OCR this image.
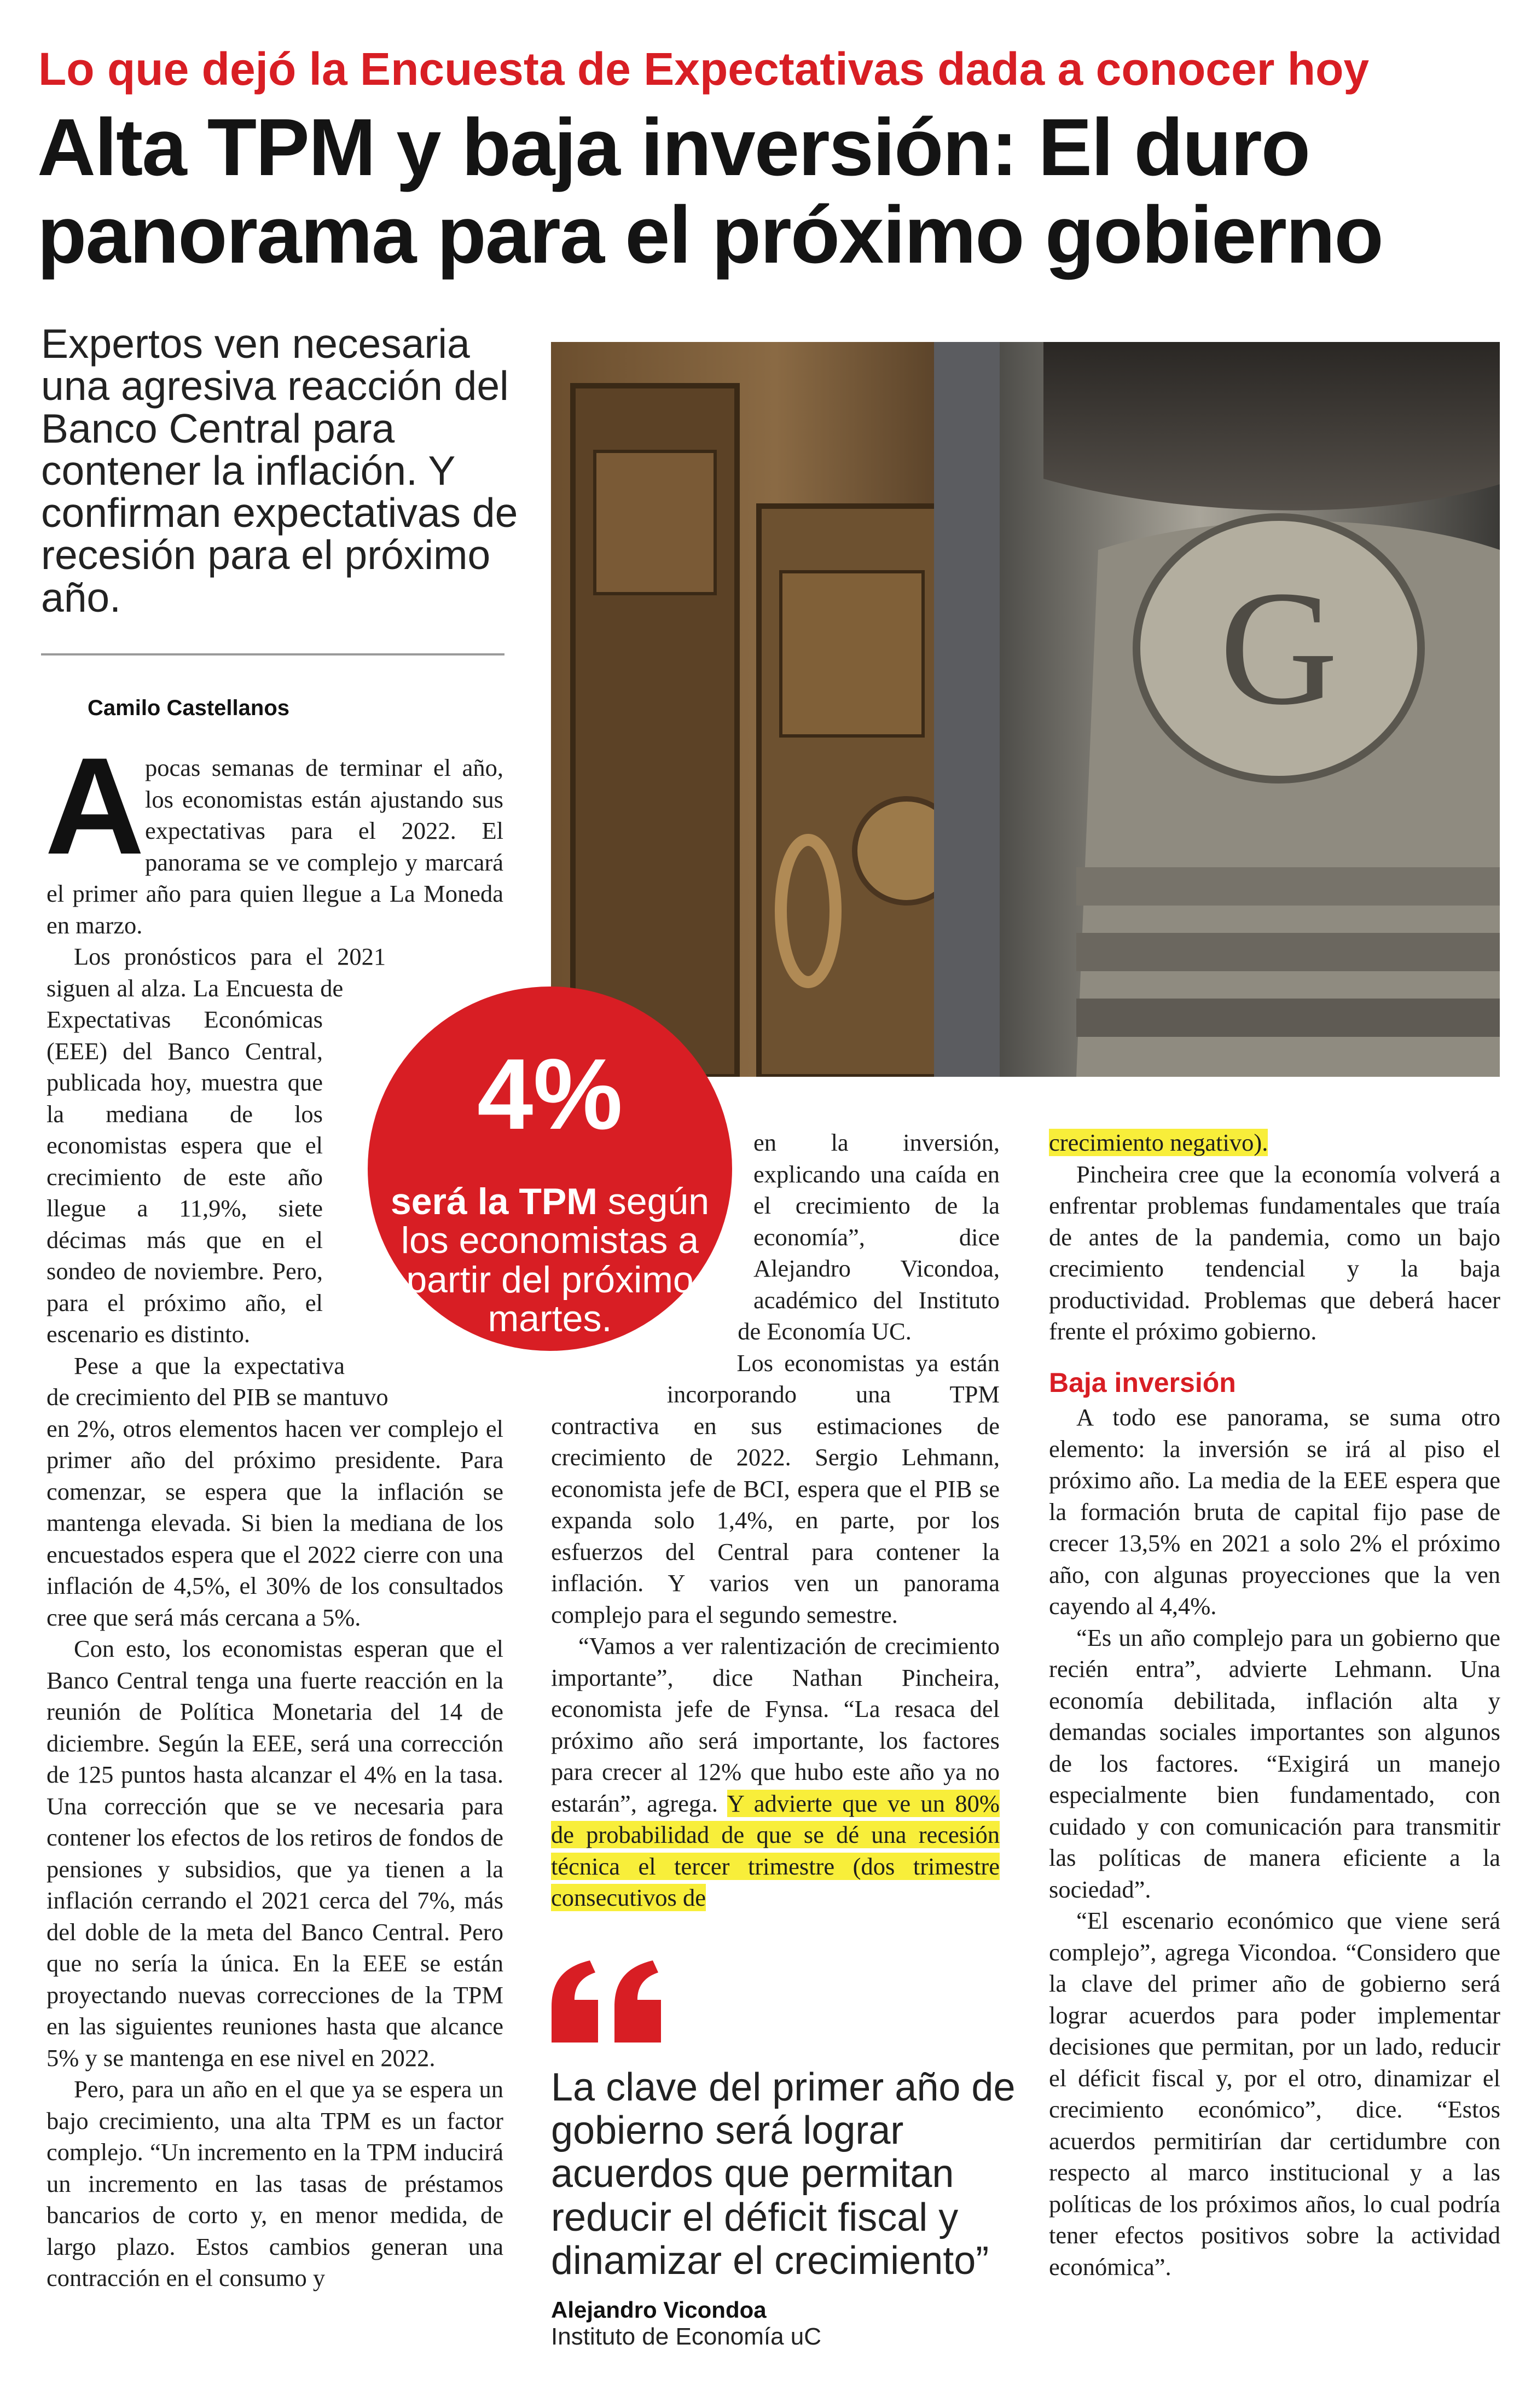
Lo que dejó la Encuesta de Expectativas dada a conocer hoy
Alta TPM y baja inversión: El duro panorama para el próximo gobierno
Expertos ven necesaria una agresiva reacción del Banco Central para contener la inflación. Y confirman expectativas de recesión para el próximo año.
Camilo Castellanos	G
A pocas semanas de terminar el año, los economistas están ajustando sus expectativas para el 2022. El panorama se ve complejo y marcará el primer año para quien llegue a La Moneda en marzo.

Los pronósticos para el 2021 siguen al alza. La Encuesta de Expectativas Económicas (EEE) del Banco Central, publicada hoy, muestra que la mediana de los economistas espera que el crecimiento de este año llegue a 11,9%, siete décimas más que en el sondeo de noviembre. Pero, para el próximo año, el escenario es distinto.

Pese a que la expectativa de crecimiento del PIB se mantuvo en 2%, otros elementos hacen ver complejo el primer año del próximo presidente. Para comenzar, se espera que la inflación se mantenga elevada. Si bien la mediana de los encuestados espera que el 2022 cierre con una inflación de 4,5%, el 30% de los consultados cree que será más cercana a 5%.

Con esto, los economistas esperan que el Banco Central tenga una fuerte reacción en la reunión de Política Monetaria del 14 de diciembre. Según la EEE, será una corrección de 125 puntos hasta alcanzar el 4% en la tasa. Una corrección que se ve necesaria para contener los efectos de los retiros de fondos de pensiones y subsidios, que ya tienen a la inflación cerrando el 2021 cerca del 7%, más del doble de la meta del Banco Central. Pero que no sería la única. En la EEE se están proyectando nuevas correcciones de la TPM en las siguientes reuniones hasta que alcance 5% y se mantenga en ese nivel en 2022.

Pero, para un año en el que ya se espera un bajo crecimiento, una alta TPM es un factor complejo. “Un incremento en la TPM inducirá un incremento en las tasas de préstamos bancarios de corto y, en menor medida, de largo plazo. Estos cambios generan una contracción en el consumo y

en la inversión, explicando una caída en el crecimiento de la economía”, dice Alejandro Vicondoa, académico del Instituto de Economía UC.

Los economistas ya están incorporando una TPM contractiva en sus estimaciones de crecimiento de 2022. Sergio Lehmann, economista jefe de BCI, espera que el PIB se expanda solo 1,4%, en parte, por los esfuerzos del Central para contener la inflación. Y varios ven un panorama complejo para el segundo semestre.

“Vamos a ver ralentización de crecimiento importante”, dice Nathan Pincheira, economista jefe de Fynsa. “La resaca del próximo año será importante, los factores para crecer al 12% que hubo este año ya no estarán”, agrega. Y advierte que ve un 80% de probabilidad de que se dé una recesión técnica el tercer trimestre (dos trimestre consecutivos de

crecimiento negativo).

Pincheira cree que la economía volverá a enfrentar problemas fundamentales que traía de antes de la pandemia, como un bajo crecimiento tendencial y la baja productividad. Problemas que deberá hacer frente el próximo gobierno.

Baja inversión

A todo ese panorama, se suma otro elemento: la inversión se irá al piso el próximo año. La media de la EEE espera que la formación bruta de capital fijo pase de crecer 13,5% en 2021 a solo 2% el próximo año, con algunas proyecciones que la ven cayendo al 4,4%.

“Es un año complejo para un gobierno que recién entra”, advierte Lehmann. Una economía debilitada, inflación alta y demandas sociales importantes son algunos de los factores. “Exigirá un manejo especialmente bien fundamentado, con cuidado y con comunicación para transmitir las políticas de manera eficiente a la sociedad”.

“El escenario económico que viene será complejo”, agrega Vicondoa. “Considero que la clave del primer año de gobierno será lograr acuerdos para poder implementar decisiones que permitan, por un lado, reducir el déficit fiscal y, por el otro, dinamizar el crecimiento económico”, dice. “Estos acuerdos permitirían dar certidumbre con respecto al marco institucional y a las políticas de los próximos años, lo cual podría tener efectos positivos sobre la actividad económica”.

4%
será la TPM según los economistas a partir del próximo martes.
La clave del primer año de gobierno será lograr acuerdos que permitan reducir el déficit fiscal y dinamizar el crecimiento”
Alejandro Vicondoa
Instituto de Economía uC
